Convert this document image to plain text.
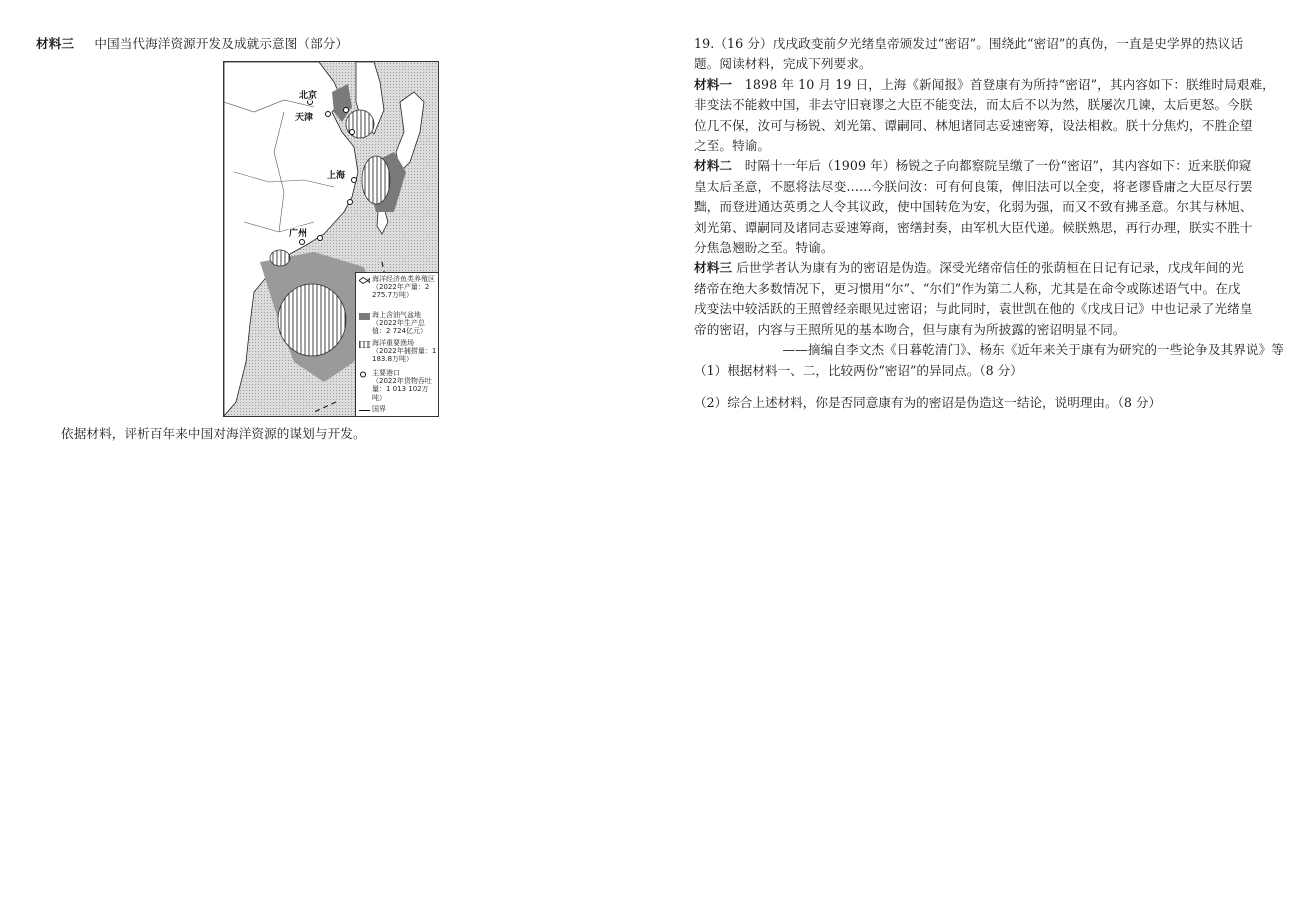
材料三 中国当代海洋资源开发及成就示意图（部分）
北京
天津
上海
广州
海洋经济鱼类养殖区
（2022年产量：2 275.7万吨）
海上含油气盆地
（2022年生产总值：2 724亿元）
海洋重要渔场
（2022年捕捞量：1 183.8万吨）
主要港口
（2022年货物吞吐量：1 013 102万吨）
国界
依据材料，评析百年来中国对海洋资源的谋划与开发。
19.（16 分）戊戌政变前夕光绪皇帝颁发过“密诏”。围绕此“密诏”的真伪，一直是史学界的热议话
题。阅读材料，完成下列要求。
材料一　1898 年 10 月 19 日，上海《新闻报》首登康有为所持“密诏”，其内容如下：朕维时局艰难，
非变法不能救中国，非去守旧衰谬之大臣不能变法，而太后不以为然，朕屡次几谏，太后更怒。今朕
位几不保，汝可与杨锐、刘光第、谭嗣同、林旭诸同志妥速密筹，设法相救。朕十分焦灼，不胜企望
之至。特谕。
材料二　时隔十一年后（1909 年）杨锐之子向都察院呈缴了一份“密诏”，其内容如下：近来朕仰窥
皇太后圣意，不愿将法尽变……今朕问汝：可有何良策，俾旧法可以全变，将老谬昏庸之大臣尽行罢
黜，而登进通达英勇之人令其议政，使中国转危为安，化弱为强，而又不致有拂圣意。尔其与林旭、
刘光第、谭嗣同及诸同志妥速筹商，密缮封奏，由军机大臣代递。候朕熟思，再行办理，朕实不胜十
分焦急翘盼之至。特谕。
材料三 后世学者认为康有为的密诏是伪造。深受光绪帝信任的张荫桓在日记有记录，戊戌年间的光
绪帝在绝大多数情况下，更习惯用“尔”、“尔们”作为第二人称，尤其是在命令或陈述语气中。在戊
戌变法中较活跃的王照曾经亲眼见过密诏；与此同时，袁世凯在他的《戊戌日记》中也记录了光绪皇
帝的密诏，内容与王照所见的基本吻合，但与康有为所披露的密诏明显不同。
——摘编自李文杰《日暮乾清门》、杨东《近年来关于康有为研究的一些论争及其界说》等
（1）根据材料一、二，比较两份“密诏”的异同点。（8 分）
（2）综合上述材料，你是否同意康有为的密诏是伪造这一结论，说明理由。（8 分）
